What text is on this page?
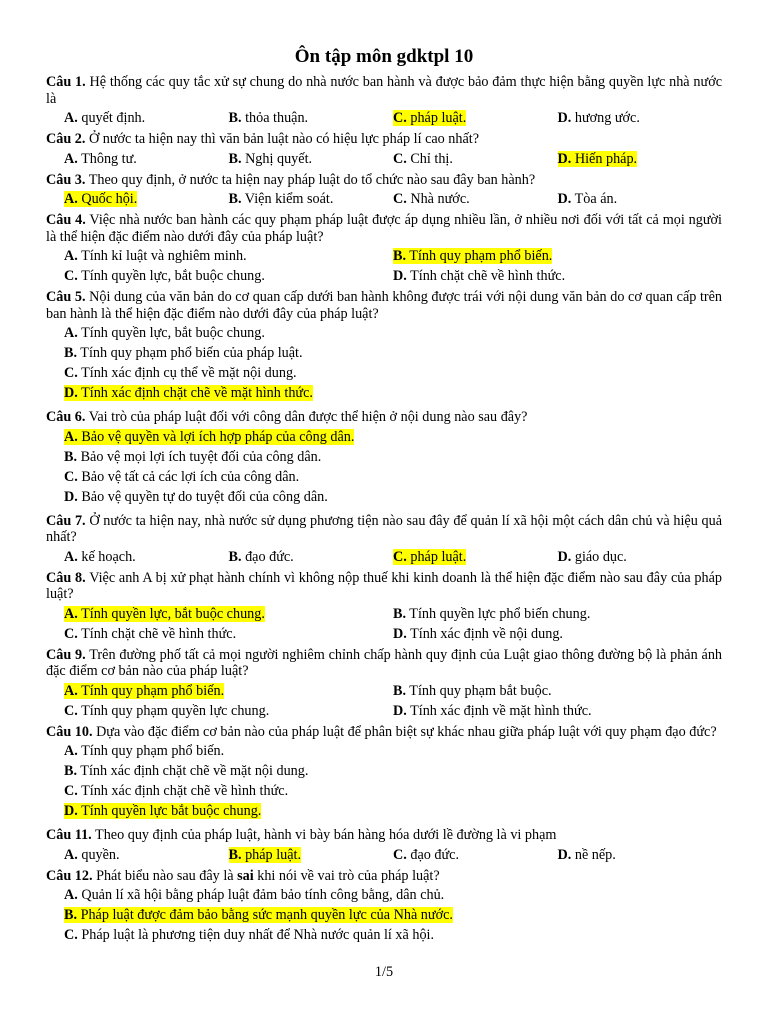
Ôn tập môn gdktpl 10
Câu 1. Hệ thống các quy tắc xử sự chung do nhà nước ban hành và được bảo đảm thực hiện bằng quyền lực nhà nước là
A. quyết định.	B. thỏa thuận.	C. pháp luật.	D. hương ước.
Câu 2. Ở nước ta hiện nay thì văn bản luật nào có hiệu lực pháp lí cao nhất?
A. Thông tư.	B. Nghị quyết.	C. Chỉ thị.	D. Hiến pháp.
Câu 3. Theo quy định, ở nước ta hiện nay pháp luật do tổ chức nào sau đây ban hành?
A. Quốc hội.	B. Viện kiểm soát.	C. Nhà nước.	D. Tòa án.
Câu 4. Việc nhà nước ban hành các quy phạm pháp luật được áp dụng nhiều lần, ở nhiều nơi đối với tất cả mọi người là thể hiện đặc điểm nào dưới đây của pháp luật?
A. Tính kỉ luật và nghiêm minh.	B. Tính quy phạm phổ biến.
C. Tính quyền lực, bắt buộc chung.	D. Tính chặt chẽ về hình thức.
Câu 5. Nội dung của văn bản do cơ quan cấp dưới ban hành không được trái với nội dung văn bản do cơ quan cấp trên ban hành là thể hiện đặc điểm nào dưới đây của pháp luật?
A. Tính quyền lực, bắt buộc chung.
B. Tính quy phạm phổ biến của pháp luật.
C. Tính xác định cụ thể về mặt nội dung.
D. Tính xác định chặt chẽ về mặt hình thức.
Câu 6. Vai trò của pháp luật đối với công dân được thể hiện ở nội dung nào sau đây?
A. Bảo vệ quyền và lợi ích hợp pháp của công dân.
B. Bảo vệ mọi lợi ích tuyệt đối của công dân.
C. Bảo vệ tất cả các lợi ích của công dân.
D. Bảo vệ quyền tự do tuyệt đối của công dân.
Câu 7. Ở nước ta hiện nay, nhà nước sử dụng phương tiện nào sau đây để quản lí xã hội một cách dân chủ và hiệu quả nhất?
A. kế hoạch.	B. đạo đức.	C. pháp luật.	D. giáo dục.
Câu 8. Việc anh A bị xử phạt hành chính vì không nộp thuế khi kinh doanh là thể hiện đặc điểm nào sau đây của pháp luật?
A. Tính quyền lực, bắt buộc chung.	B. Tính quyền lực phổ biến chung.
C. Tính chặt chẽ về hình thức.	D. Tính xác định về nội dung.
Câu 9. Trên đường phố tất cả mọi người nghiêm chỉnh chấp hành quy định của Luật giao thông đường bộ là phản ánh đặc điểm cơ bản nào của pháp luật?
A. Tính quy phạm phổ biến.	B. Tính quy phạm bắt buộc.
C. Tính quy phạm quyền lực chung.	D. Tính xác định về mặt hình thức.
Câu 10. Dựa vào đặc điểm cơ bản nào của pháp luật để phân biệt sự khác nhau giữa pháp luật với quy phạm đạo đức?
A. Tính quy phạm phổ biến.
B. Tính xác định chặt chẽ về mặt nội dung.
C. Tính xác định chặt chẽ về hình thức.
D. Tính quyền lực bắt buộc chung.
Câu 11. Theo quy định của pháp luật, hành vi bày bán hàng hóa dưới lề đường là vi phạm
A. quyền.	B. pháp luật.	C. đạo đức.	D. nề nếp.
Câu 12. Phát biểu nào sau đây là sai khi nói về vai trò của pháp luật?
A. Quản lí xã hội bằng pháp luật đảm bảo tính công bằng, dân chủ.
B. Pháp luật được đảm bảo bằng sức mạnh quyền lực của Nhà nước.
C. Pháp luật là phương tiện duy nhất để Nhà nước quản lí xã hội.
1/5
